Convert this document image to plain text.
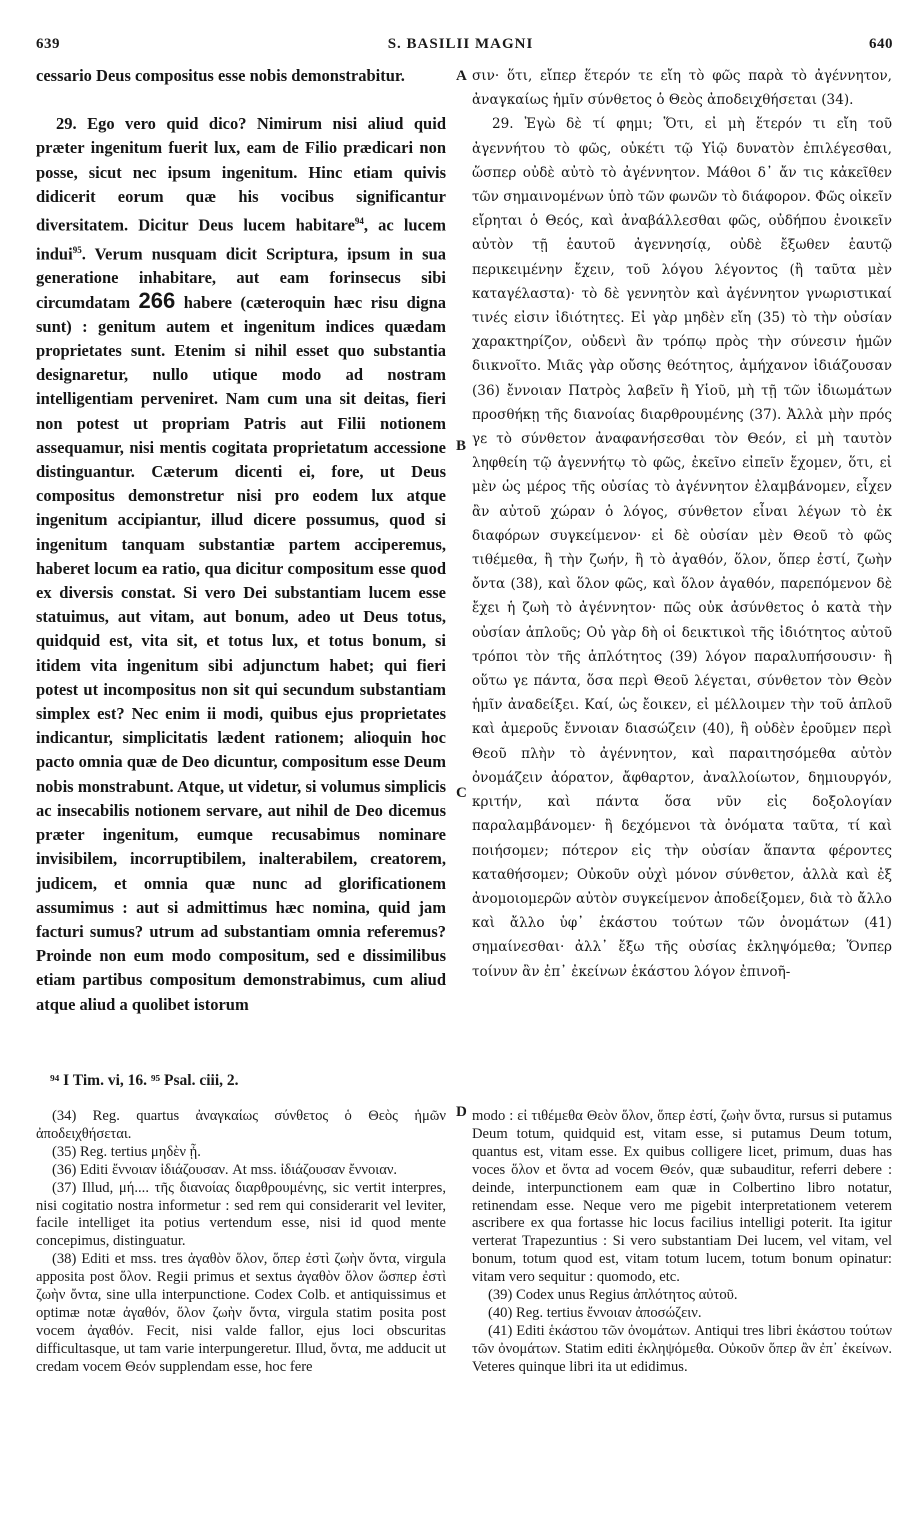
639	S. BASILII MAGNI	640
A
B
C
D

cessario Deus compositus esse nobis demonstrabitur.

29. Ego vero quid dico? Nimirum nisi aliud quid præter ingenitum fuerit lux, eam de Filio prædicari non posse, sicut nec ipsum ingenitum. Hinc etiam quivis didicerit eorum quæ his vocibus significantur diversitatem. Dicitur Deus lucem habitare$^{94}$, ac lucem indui$^{95}$. Verum nusquam dicit Scriptura, ipsum in sua generatione inhabitare, aut eam forinsecus sibi circumdatam 266 habere (cæteroquin hæc risu digna sunt) : genitum autem et ingenitum indices quædam proprietates sunt. Etenim si nihil esset quo substantia designaretur, nullo utique modo ad nostram intelligentiam perveniret. Nam cum una sit deitas, fieri non potest ut propriam Patris aut Filii notionem assequamur, nisi mentis cogitata proprietatum accessione distinguantur. Cæterum dicenti ei, fore, ut Deus compositus demonstretur nisi pro eodem lux atque ingenitum accipiantur, illud dicere possumus, quod si ingenitum tanquam substantiæ partem acciperemus, haberet locum ea ratio, qua dicitur compositum esse quod ex diversis constat. Si vero Dei substantiam lucem esse statuimus, aut vitam, aut bonum, adeo ut Deus totus, quidquid est, vita sit, et totus lux, et totus bonum, si itidem vita ingenitum sibi adjunctum habet; qui fieri potest ut incompositus non sit qui secundum substantiam simplex est? Nec enim ii modi, quibus ejus proprietates indicantur, simplicitatis lædent rationem; alioquin hoc pacto omnia quæ de Deo dicuntur, compositum esse Deum nobis monstrabunt. Atque, ut videtur, si volumus simplicis ac insecabilis notionem servare, aut nihil de Deo dicemus præter ingenitum, eumque recusabimus nominare invisibilem, incorruptibilem, inalterabilem, creatorem, judicem, et omnia quæ nunc ad glorificationem assumimus : aut si admittimus hæc nomina, quid jam facturi sumus? utrum ad substantiam omnia referemus? Proinde non eum modo compositum, sed e dissimilibus etiam partibus compositum demonstrabimus, cum aliud atque aliud a quolibet istorum

σιν· ὅτι, εἴπερ ἕτερόν τε εἴη τὸ φῶς παρὰ τὸ ἀγέννητον, ἀναγκαίως ἡμῖν σύνθετος ὁ Θεὸς ἀποδειχθήσεται (34).

29. Ἐγὼ δὲ τί φημι; Ὅτι, εἰ μὴ ἕτερόν τι εἴη τοῦ ἀγεννήτου τὸ φῶς, οὐκέτι τῷ Υἱῷ δυνατὸν ἐπιλέγεσθαι, ὥσπερ οὐδὲ αὐτὸ τὸ ἀγέννητον. Μάθοι δ᾽ ἄν τις κἀκεῖθεν τῶν σημαινομένων ὑπὸ τῶν φωνῶν τὸ διάφορον. Φῶς οἰκεῖν εἴρηται ὁ Θεός, καὶ ἀναβάλλεσθαι φῶς, οὐδήπου ἐνοικεῖν αὐτὸν τῇ ἑαυτοῦ ἀγεννησίᾳ, οὐδὲ ἔξωθεν ἑαυτῷ περικειμένην ἔχειν, τοῦ λόγου λέγοντος (ἢ ταῦτα μὲν καταγέλαστα)· τὸ δὲ γεννητὸν καὶ ἀγέννητον γνωριστικαί τινές εἰσιν ἰδιότητες. Εἰ γὰρ μηδὲν εἴη (35) τὸ τὴν οὐσίαν χαρακτηρίζον, οὐδενὶ ἂν τρόπῳ πρὸς τὴν σύνεσιν ἡμῶν διικνοῖτο. Μιᾶς γὰρ οὔσης θεότητος, ἀμήχανον ἰδιάζουσαν (36) ἔννοιαν Πατρὸς λαβεῖν ἢ Υἱοῦ, μὴ τῇ τῶν ἰδιωμάτων προσθήκῃ τῆς διανοίας διαρθρουμένης (37). Ἀλλὰ μὴν πρός γε τὸ σύνθετον ἀναφανήσεσθαι τὸν Θεόν, εἰ μὴ ταυτὸν ληφθείη τῷ ἀγεννήτῳ τὸ φῶς, ἐκεῖνο εἰπεῖν ἔχομεν, ὅτι, εἰ μὲν ὡς μέρος τῆς οὐσίας τὸ ἀγέννητον ἐλαμβάνομεν, εἶχεν ἂν αὐτοῦ χώραν ὁ λόγος, σύνθετον εἶναι λέγων τὸ ἐκ διαφόρων συγκείμενον· εἰ δὲ οὐσίαν μὲν Θεοῦ τὸ φῶς τιθέμεθα, ἢ τὴν ζωήν, ἢ τὸ ἀγαθόν, ὅλον, ὅπερ ἐστί, ζωὴν ὄντα (38), καὶ ὅλον φῶς, καὶ ὅλον ἀγαθόν, παρεπόμενον δὲ ἔχει ἡ ζωὴ τὸ ἀγέννητον· πῶς οὐκ ἀσύνθετος ὁ κατὰ τὴν οὐσίαν ἁπλοῦς; Οὐ γὰρ δὴ οἱ δεικτικοὶ τῆς ἰδιότητος αὐτοῦ τρόποι τὸν τῆς ἁπλότητος (39) λόγον παραλυπήσουσιν· ἢ οὕτω γε πάντα, ὅσα περὶ Θεοῦ λέγεται, σύνθετον τὸν Θεὸν ἡμῖν ἀναδείξει. Καί, ὡς ἔοικεν, εἰ μέλλοιμεν τὴν τοῦ ἁπλοῦ καὶ ἀμεροῦς ἔννοιαν διασώζειν (40), ἢ οὐδὲν ἐροῦμεν περὶ Θεοῦ πλὴν τὸ ἀγέννητον, καὶ παραιτησόμεθα αὐτὸν ὀνομάζειν ἀόρατον, ἄφθαρτον, ἀναλλοίωτον, δημιουργόν, κριτήν, καὶ πάντα ὅσα νῦν εἰς δοξολογίαν παραλαμβάνομεν· ἢ δεχόμενοι τὰ ὀνόματα ταῦτα, τί καὶ ποιήσομεν; πότερον εἰς τὴν οὐσίαν ἅπαντα φέροντες καταθήσομεν; Οὐκοῦν οὐχὶ μόνον σύνθετον, ἀλλὰ καὶ ἐξ ἀνομοιομερῶν αὐτὸν συγκείμενον ἀποδείξομεν, διὰ τὸ ἄλλο καὶ ἄλλο ὑφ᾽ ἑκάστου τούτων τῶν ὀνομάτων (41) σημαίνεσθαι· ἀλλ᾽ ἔξω τῆς οὐσίας ἐκληψόμεθα; Ὅνπερ τοίνυν ἂν ἐπ᾽ ἐκείνων ἑκάστου λόγον ἐπινοῆ-

⁹⁴ I Tim. vi, 16. ⁹⁵ Psal. ciii, 2.

(34) Reg. quartus ἀναγκαίως σύνθετος ὁ Θεὸς ἡμῶν ἀποδειχθήσεται.

(35) Reg. tertius μηδὲν ᾖ.

(36) Editi ἔννοιαν ἰδιάζουσαν. At mss. ἰδιάζουσαν ἔννοιαν.

(37) Illud, μή.... τῆς διανοίας διαρθρουμένης, sic vertit interpres, nisi cogitatio nostra informetur : sed rem qui considerarit vel leviter, facile intelliget ita potius vertendum esse, nisi id quod mente concepimus, distinguatur.

(38) Editi et mss. tres ἀγαθὸν ὅλον, ὅπερ ἐστὶ ζωὴν ὄντα, virgula apposita post ὅλον. Regii primus et sextus ἀγαθὸν ὅλον ὥσπερ ἐστὶ ζωὴν ὄντα, sine ulla interpunctione. Codex Colb. et antiquissimus et optimæ notæ ἀγαθόν, ὅλον ζωὴν ὄντα, virgula statim posita post vocem ἀγαθόν. Fecit, nisi valde fallor, ejus loci obscuritas difficultasque, ut tam varie interpungeretur. Illud, ὄντα, me adducit ut credam vocem Θεόν supplendam esse, hoc fere

modo : εἰ τιθέμεθα Θεὸν ὅλον, ὅπερ ἐστί, ζωὴν ὄντα, rursus si putamus Deum totum, quidquid est, vitam esse, si putamus Deum totum, quantus est, vitam esse. Ex quibus colligere licet, primum, duas has voces ὅλον et ὄντα ad vocem Θεόν, quæ subauditur, referri debere : deinde, interpunctionem eam quæ in Colbertino libro notatur, retinendam esse. Neque vero me pigebit interpretationem veterem ascribere ex qua fortasse hic locus facilius intelligi poterit. Ita igitur verterat Trapezuntius : Si vero substantiam Dei lucem, vel vitam, vel bonum, totum quod est, vitam totum lucem, totum bonum opinatur: vitam vero sequitur : quomodo, etc.

(39) Codex unus Regius ἀπλότητος αὐτοῦ.

(40) Reg. tertius ἔννοιαν ἀποσώζειν.

(41) Editi ἑκάστου τῶν ὀνομάτων. Antiqui tres libri ἑκάστου τούτων τῶν ὀνομάτων. Statim editi ἐκληψόμεθα. Οὐκοῦν ὅπερ ἂν ἐπ᾽ ἐκείνων. Veteres quinque libri ita ut edidimus.
